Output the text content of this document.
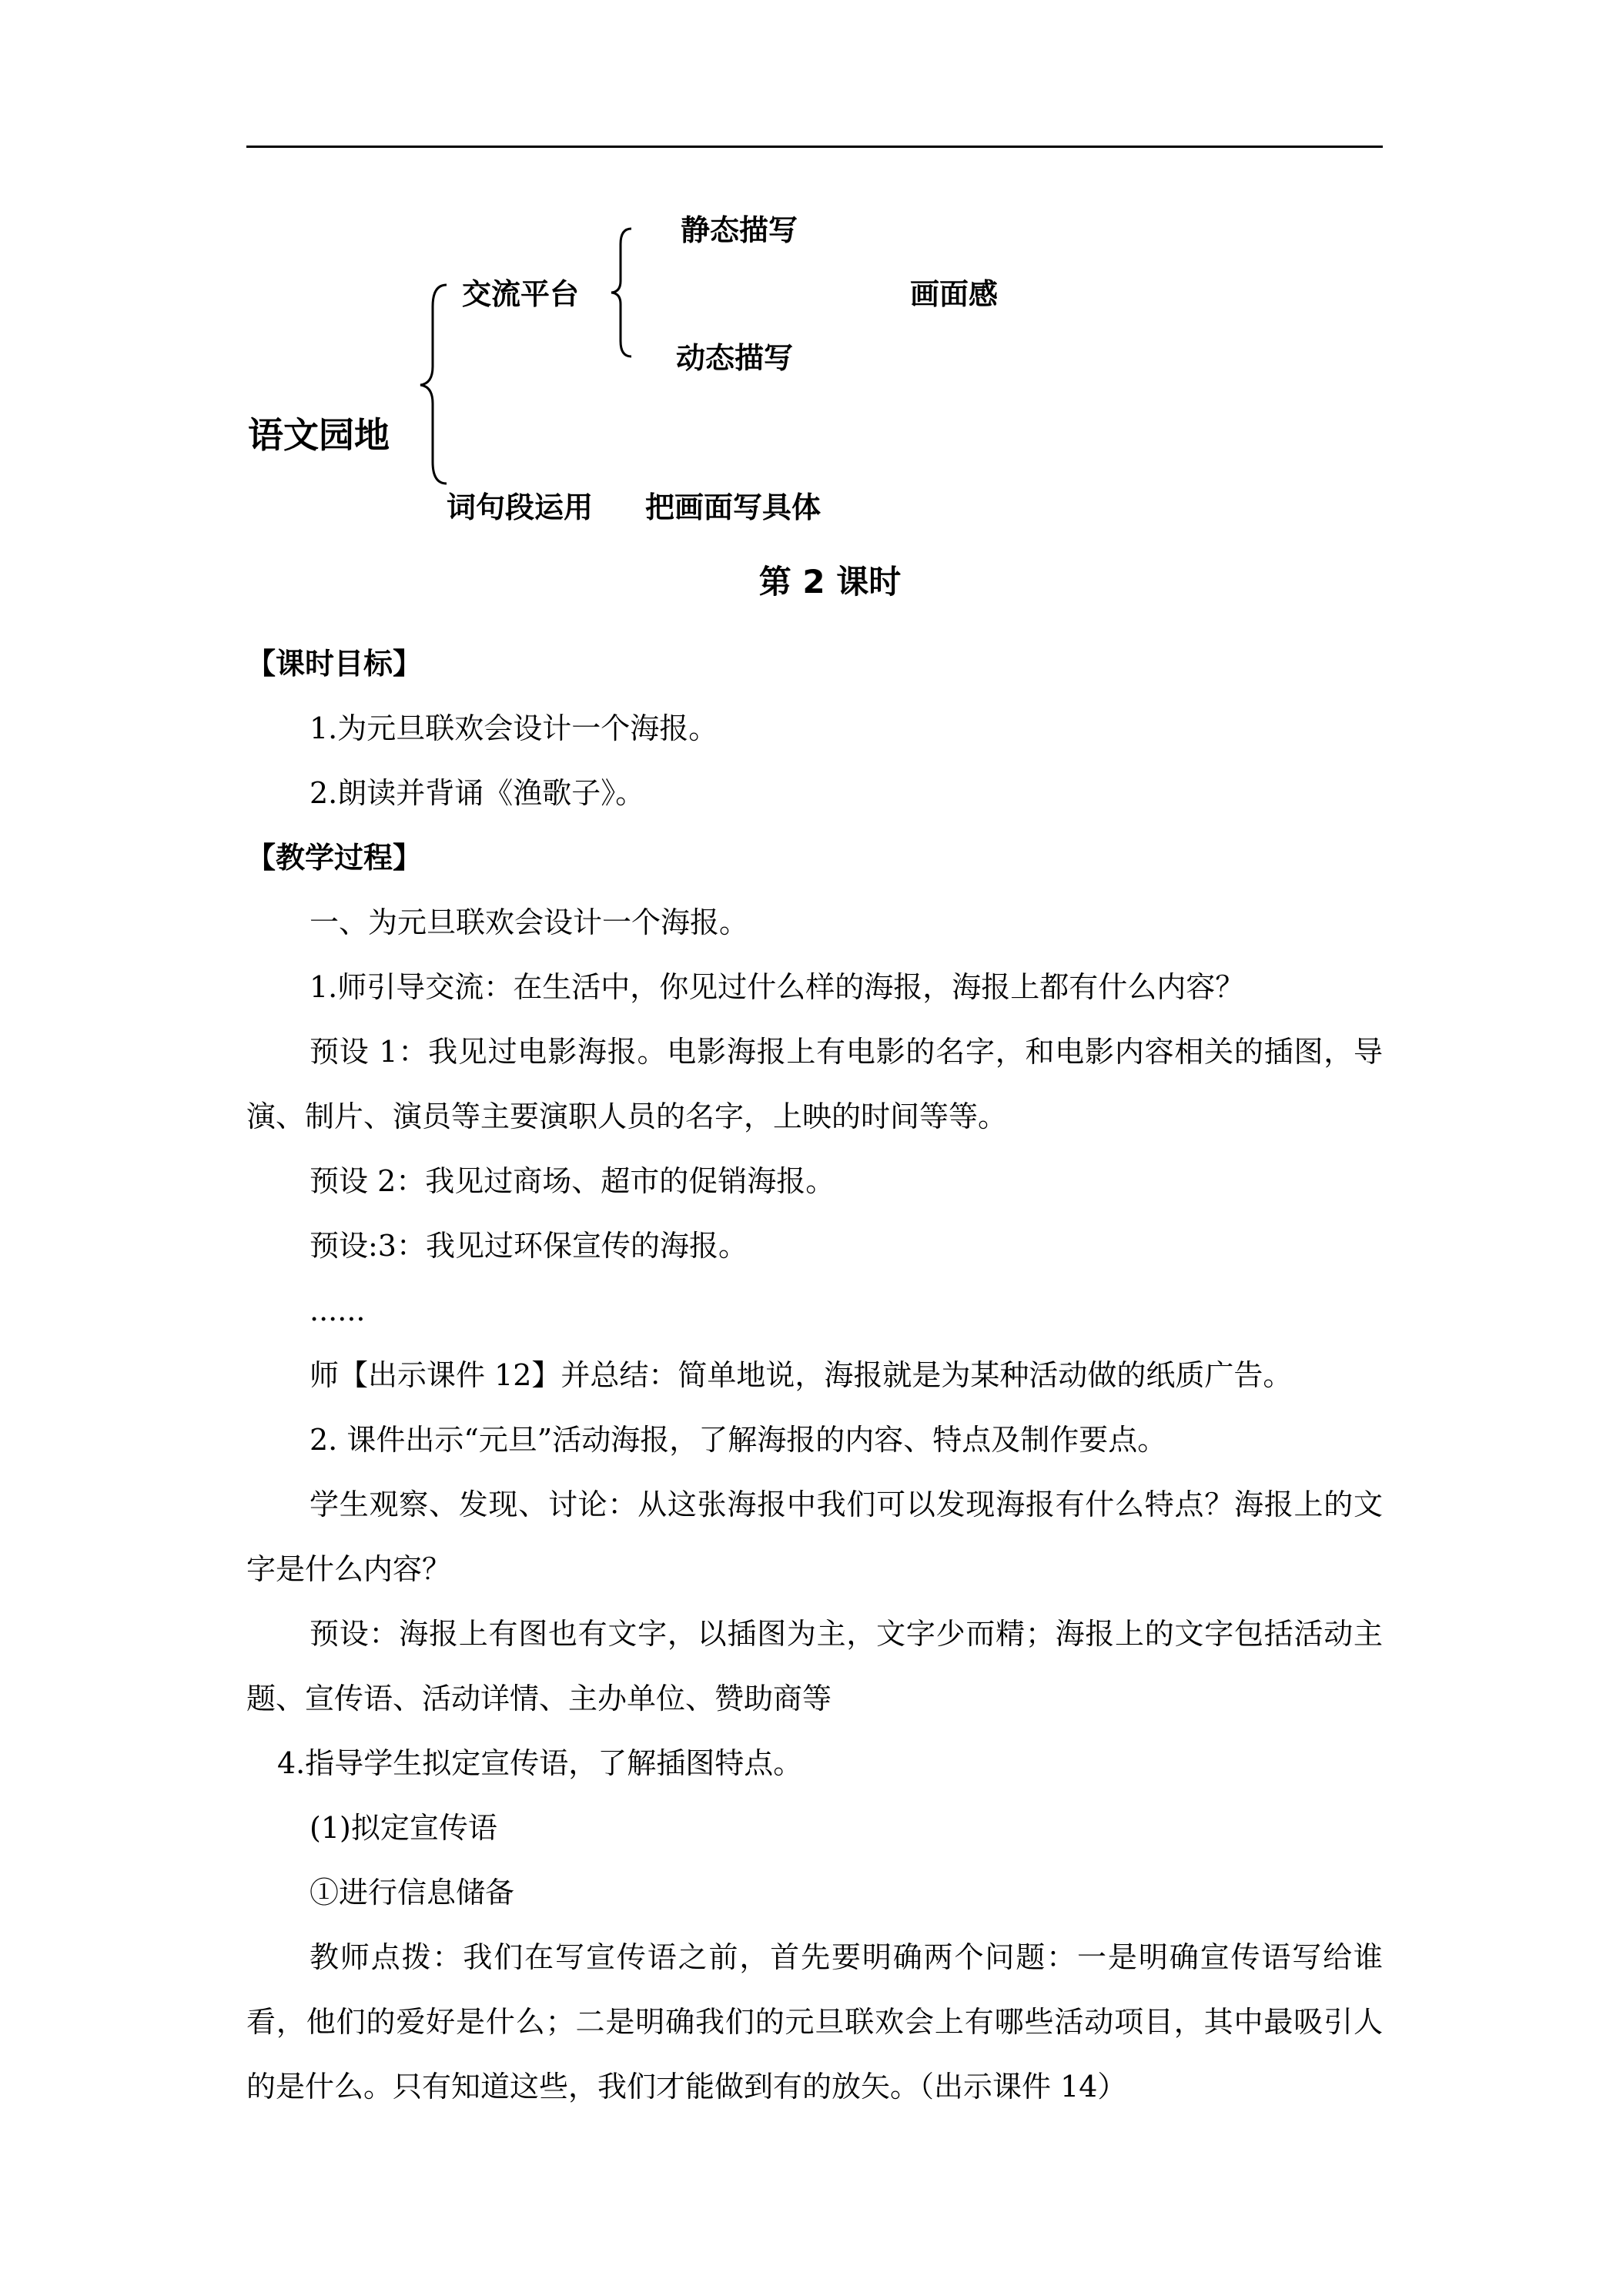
语文园地
交流平台
静态描写
动态描写
画面感
词句段运用 把画面写具体
第 2 课时

【课时目标】

1.为元旦联欢会设计一个海报。

2.朗读并背诵《渔歌子》。

【教学过程】

一、为元旦联欢会设计一个海报。

1.师引导交流：在生活中，你见过什么样的海报，海报上都有什么内容？

预设 1：我见过电影海报。电影海报上有电影的名字，和电影内容相关的插图，导演、制片、演员等主要演职人员的名字，上映的时间等等。

预设 2：我见过商场、超市的促销海报。

预设:3：我见过环保宣传的海报。

......

师【出示课件 12】并总结：简单地说，海报就是为某种活动做的纸质广告。

2. 课件出示“元旦”活动海报，了解海报的内容、特点及制作要点。

学生观察、发现、讨论：从这张海报中我们可以发现海报有什么特点？海报上的文字是什么内容？

预设：海报上有图也有文字，以插图为主，文字少而精；海报上的文字包括活动主题、宣传语、活动详情、主办单位、赞助商等

4.指导学生拟定宣传语，了解插图特点。

(1)拟定宣传语

①进行信息储备

教师点拨：我们在写宣传语之前，首先要明确两个问题：一是明确宣传语写给谁看，他们的爱好是什么；二是明确我们的元旦联欢会上有哪些活动项目，其中最吸引人的是什么。只有知道这些，我们才能做到有的放矢。（出示课件 14）
